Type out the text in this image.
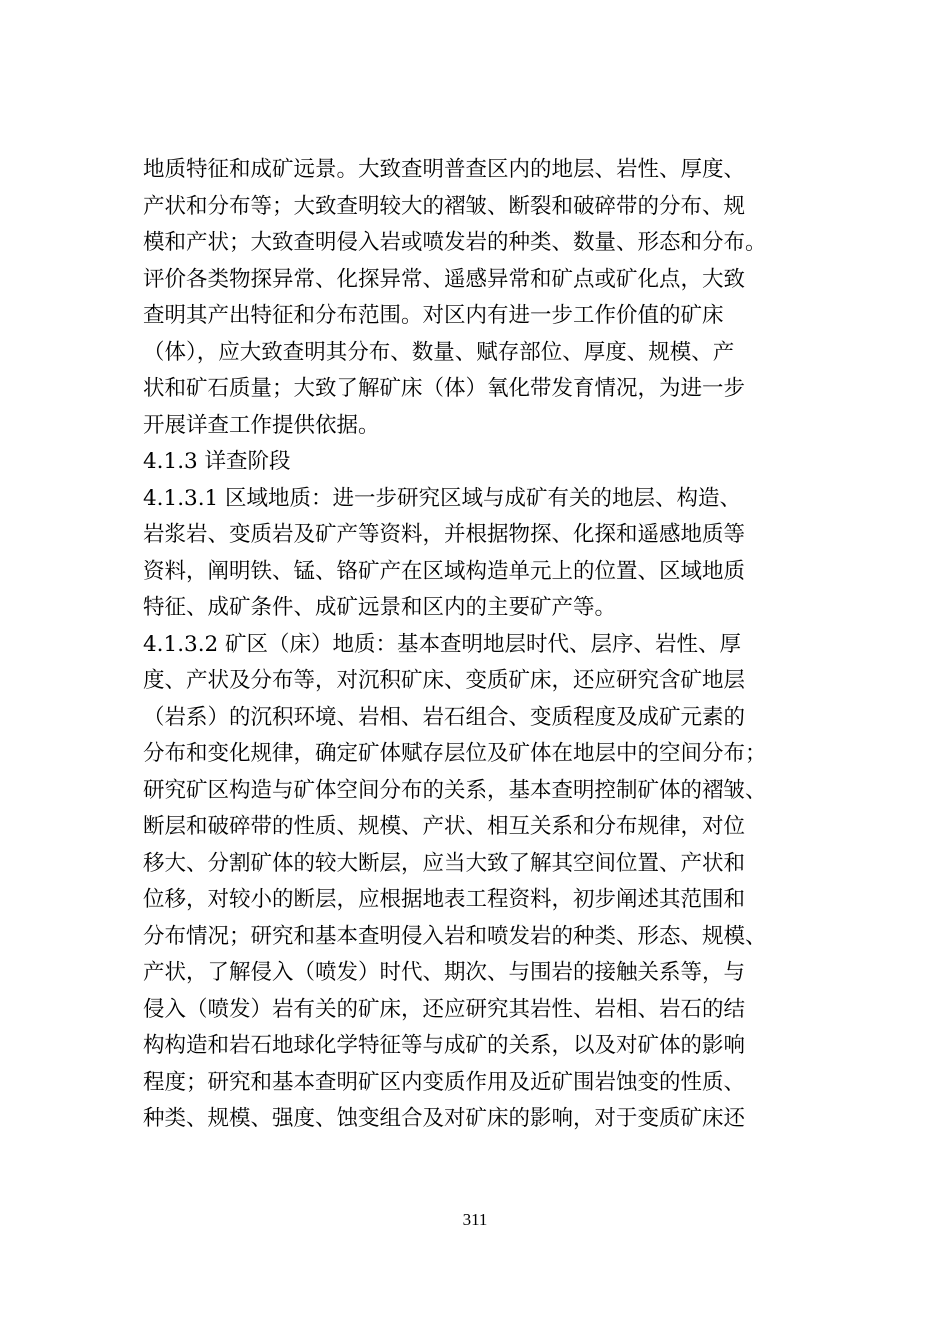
地质特征和成矿远景。大致查明普查区内的地层、岩性、厚度、
产状和分布等；大致查明较大的褶皱、断裂和破碎带的分布、规
模和产状；大致查明侵入岩或喷发岩的种类、数量、形态和分布。
评价各类物探异常、化探异常、遥感异常和矿点或矿化点，大致
查明其产出特征和分布范围。对区内有进一步工作价值的矿床
（体），应大致查明其分布、数量、赋存部位、厚度、规模、产
状和矿石质量；大致了解矿床（体）氧化带发育情况，为进一步
开展详查工作提供依据。
4.1.3 详查阶段
4.1.3.1 区域地质：进一步研究区域与成矿有关的地层、构造、
岩浆岩、变质岩及矿产等资料，并根据物探、化探和遥感地质等
资料，阐明铁、锰、铬矿产在区域构造单元上的位置、区域地质
特征、成矿条件、成矿远景和区内的主要矿产等。
4.1.3.2 矿区（床）地质：基本查明地层时代、层序、岩性、厚
度、产状及分布等，对沉积矿床、变质矿床，还应研究含矿地层
（岩系）的沉积环境、岩相、岩石组合、变质程度及成矿元素的
分布和变化规律，确定矿体赋存层位及矿体在地层中的空间分布；
研究矿区构造与矿体空间分布的关系，基本查明控制矿体的褶皱、
断层和破碎带的性质、规模、产状、相互关系和分布规律，对位
移大、分割矿体的较大断层，应当大致了解其空间位置、产状和
位移，对较小的断层，应根据地表工程资料，初步阐述其范围和
分布情况；研究和基本查明侵入岩和喷发岩的种类、形态、规模、
产状，了解侵入（喷发）时代、期次、与围岩的接触关系等，与
侵入（喷发）岩有关的矿床，还应研究其岩性、岩相、岩石的结
构构造和岩石地球化学特征等与成矿的关系，以及对矿体的影响
程度；研究和基本查明矿区内变质作用及近矿围岩蚀变的性质、
种类、规模、强度、蚀变组合及对矿床的影响，对于变质矿床还
311
